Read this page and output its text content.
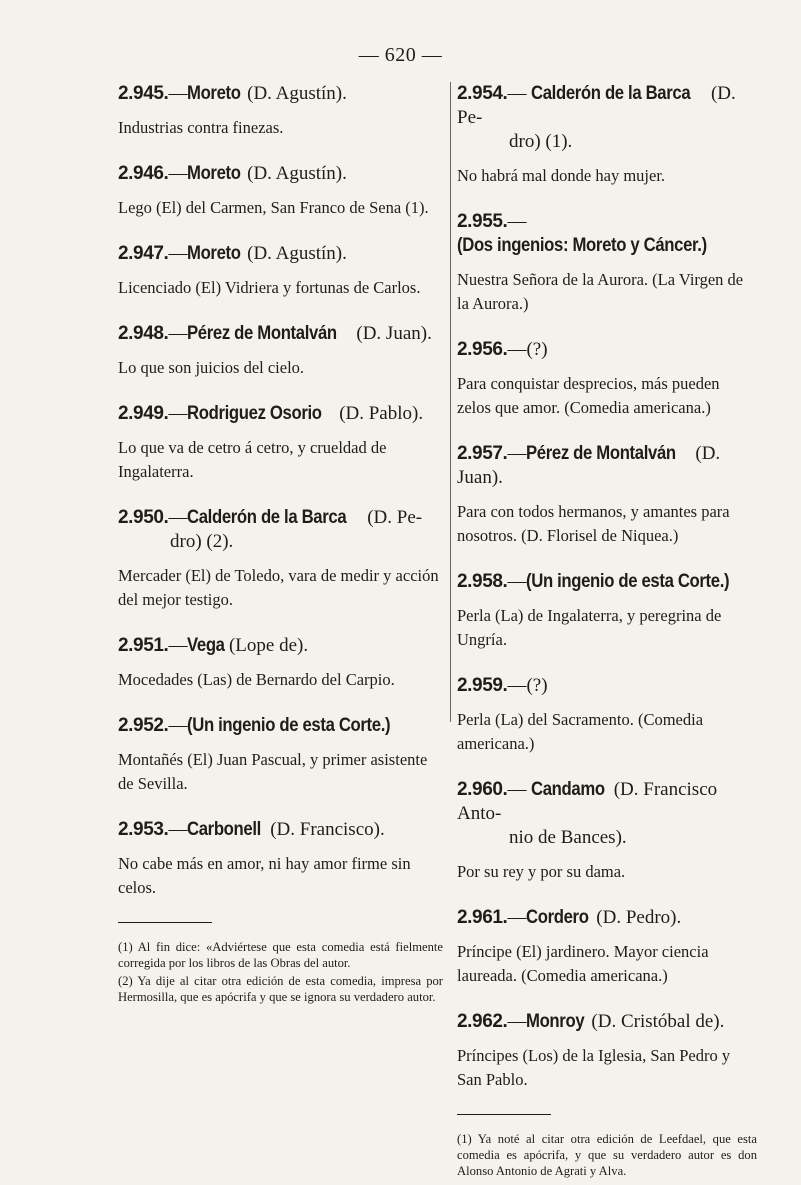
— 620 —
2.945.—Moreto (D. Agustín).

Industrias contra finezas.

2.946.—Moreto (D. Agustín).

Lego (El) del Carmen, San Franco de Sena (1).

2.947.—Moreto (D. Agustín).

Licenciado (El) Vidriera y fortunas de Carlos.

2.948.—Pérez de Montalván (D. Juan).

Lo que son juicios del cielo.

2.949.—Rodriguez Osorio (D. Pablo).

Lo que va de cetro á cetro, y crueldad de Ingalaterra.

2.950.—Calderón de la Barca (D. Pe-
dro) (2).

Mercader (El) de Toledo, vara de medir y acción del mejor testigo.

2.951.—Vega (Lope de).

Mocedades (Las) de Bernardo del Carpio.

2.952.—(Un ingenio de esta Corte.)

Montañés (El) Juan Pascual, y primer asistente de Sevilla.

2.953.—Carbonell (D. Francisco).

No cabe más en amor, ni hay amor firme sin celos.

(1) Al fin dice: «Adviértese que esta comedia está fielmente corregida por los libros de las Obras del autor.

(2) Ya dije al citar otra edición de esta comedia, impresa por Hermosilla, que es apócrifa y que se ignora su verdadero autor.

2.954.— Calderón de la Barca (D. Pe-
dro) (1).

No habrá mal donde hay mujer.

2.955.—(Dos ingenios: Moreto y Cáncer.)

Nuestra Señora de la Aurora. (La Virgen de la Aurora.)

2.956.—(?)

Para conquistar desprecios, más pueden zelos que amor. (Comedia americana.)

2.957.—Pérez de Montalván (D. Juan).

Para con todos hermanos, y amantes para nosotros. (D. Florisel de Niquea.)

2.958.—(Un ingenio de esta Corte.)

Perla (La) de Ingalaterra, y peregrina de Ungría.

2.959.—(?)

Perla (La) del Sacramento. (Comedia americana.)

2.960.— Candamo (D. Francisco Anto-
nio de Bances).

Por su rey y por su dama.

2.961.—Cordero (D. Pedro).

Príncipe (El) jardinero. Mayor ciencia laureada. (Comedia americana.)

2.962.—Monroy (D. Cristóbal de).

Príncipes (Los) de la Iglesia, San Pedro y San Pablo.

(1) Ya noté al citar otra edición de Leefdael, que esta comedia es apócrifa, y que su verdadero autor es don Alonso Antonio de Agrati y Alva.
